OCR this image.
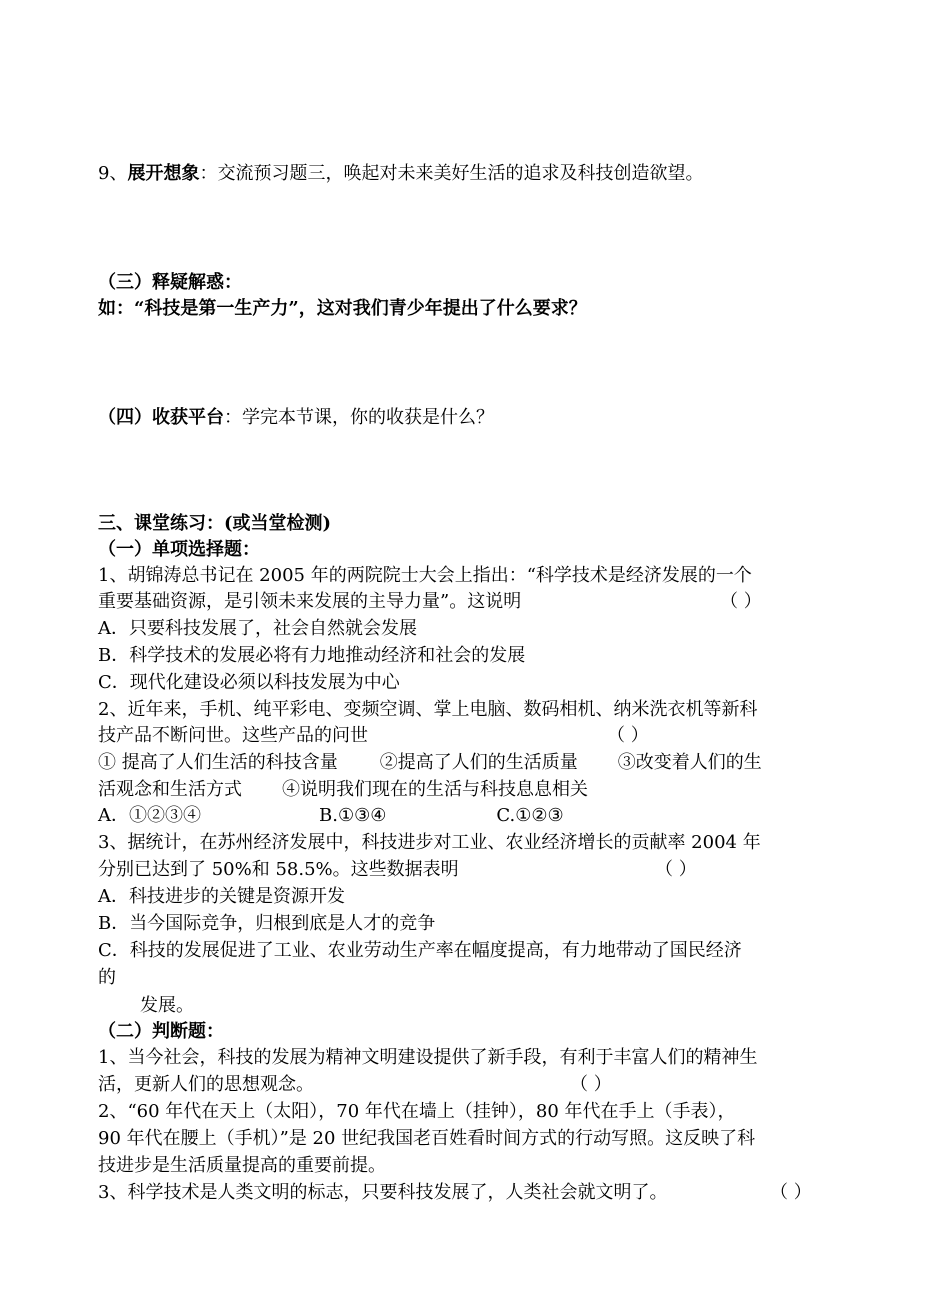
9、展开想象：交流预习题三，唤起对未来美好生活的追求及科技创造欲望。
（三）释疑解惑：
如：“科技是第一生产力”，这对我们青少年提出了什么要求？
（四）收获平台：学完本节课，你的收获是什么？
三、课堂练习：(或当堂检测)
（一）单项选择题：
1、胡锦涛总书记在 2005 年的两院院士大会上指出：“科学技术是经济发展的一个
重要基础资源，是引领未来发展的主导力量”。这说明	（ ）
A．只要科技发展了，社会自然就会发展
B．科学技术的发展必将有力地推动经济和社会的发展
C．现代化建设必须以科技发展为中心
2、近年来，手机、纯平彩电、变频空调、掌上电脑、数码相机、纳米洗衣机等新科
技产品不断问世。这些产品的问世	（ ）
① 提高了人们生活的科技含量 ②提高了人们的生活质量 ③改变着人们的生
活观念和生活方式 ④说明我们现在的生活与科技息息相关
A．①②③④	B.①③④	C.①②③
3、据统计，在苏州经济发展中，科技进步对工业、农业经济增长的贡献率 2004 年
分别已达到了 50%和 58.5%。这些数据表明	（ ）
A．科技进步的关键是资源开发
B．当今国际竞争，归根到底是人才的竞争
C．科技的发展促进了工业、农业劳动生产率在幅度提高，有力地带动了国民经济
的
发展。
（二）判断题：
1、当今社会，科技的发展为精神文明建设提供了新手段，有利于丰富人们的精神生
活，更新人们的思想观念。	（ ）
2、“60 年代在天上（太阳），70 年代在墙上（挂钟），80 年代在手上（手表），
90 年代在腰上（手机）”是 20 世纪我国老百姓看时间方式的行动写照。这反映了科
技进步是生活质量提高的重要前提。
3、科学技术是人类文明的标志，只要科技发展了，人类社会就文明了。	（ ）
